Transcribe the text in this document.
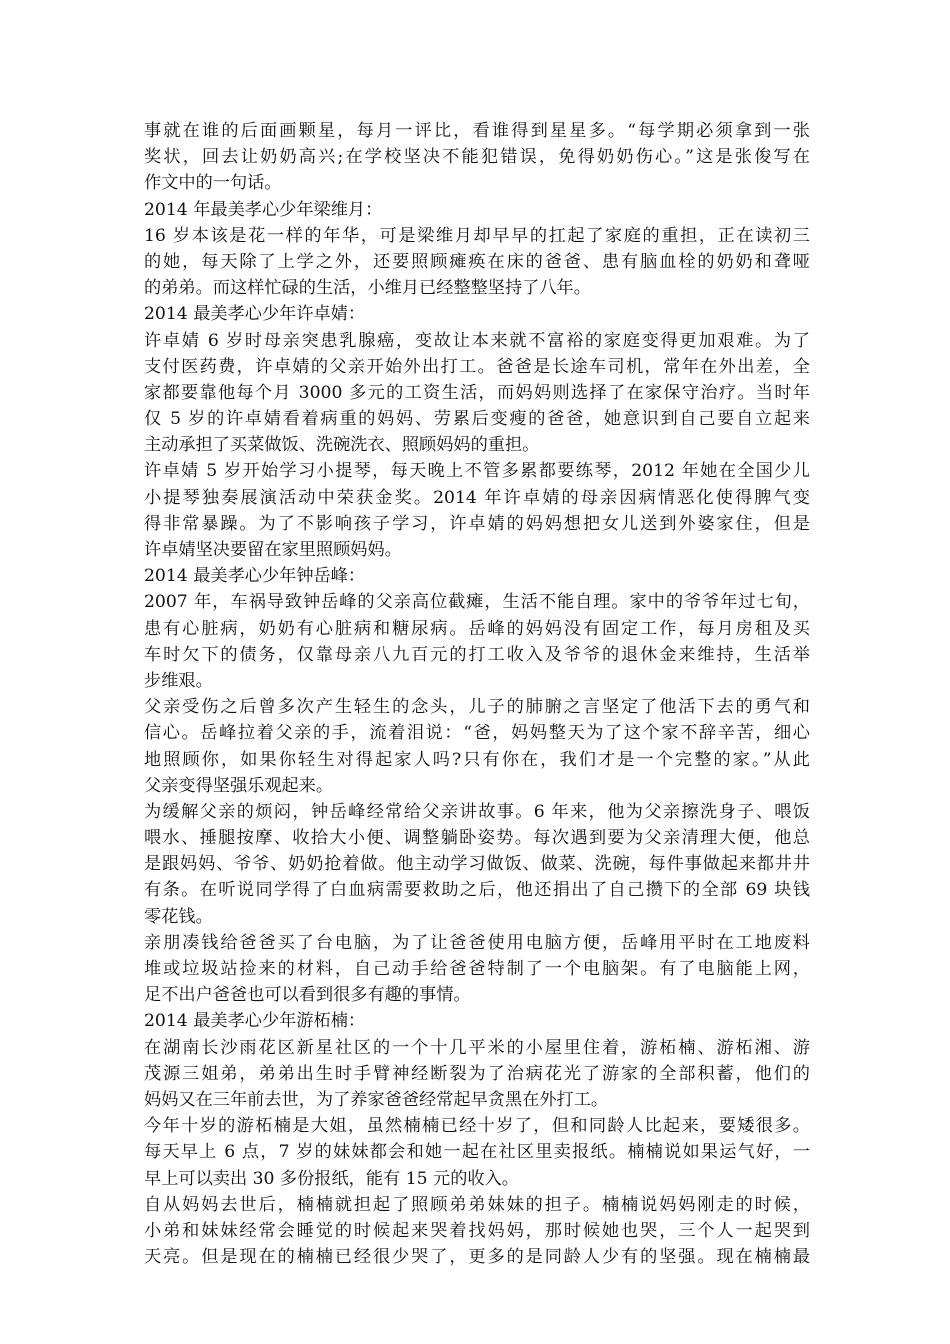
事就在谁的后面画颗星，每月一评比，看谁得到星星多。“每学期必须拿到一张
奖状，回去让奶奶高兴;在学校坚决不能犯错误，免得奶奶伤心。”这是张俊写在
作文中的一句话。
2014 年最美孝心少年梁维月：
16 岁本该是花一样的年华，可是梁维月却早早的扛起了家庭的重担，正在读初三
的她，每天除了上学之外，还要照顾瘫痪在床的爸爸、患有脑血栓的奶奶和聋哑
的弟弟。而这样忙碌的生活，小维月已经整整坚持了八年。
2014 最美孝心少年许卓婧：
许卓婧 6 岁时母亲突患乳腺癌，变故让本来就不富裕的家庭变得更加艰难。为了
支付医药费，许卓婧的父亲开始外出打工。爸爸是长途车司机，常年在外出差，全
家都要靠他每个月 3000 多元的工资生活，而妈妈则选择了在家保守治疗。当时年
仅 5 岁的许卓婧看着病重的妈妈、劳累后变瘦的爸爸，她意识到自己要自立起来
主动承担了买菜做饭、洗碗洗衣、照顾妈妈的重担。
许卓婧 5 岁开始学习小提琴，每天晚上不管多累都要练琴，2012 年她在全国少儿
小提琴独奏展演活动中荣获金奖。2014 年许卓婧的母亲因病情恶化使得脾气变
得非常暴躁。为了不影响孩子学习，许卓婧的妈妈想把女儿送到外婆家住，但是
许卓婧坚决要留在家里照顾妈妈。
2014 最美孝心少年钟岳峰：
2007 年，车祸导致钟岳峰的父亲高位截瘫，生活不能自理。家中的爷爷年过七旬，
患有心脏病，奶奶有心脏病和糖尿病。岳峰的妈妈没有固定工作，每月房租及买
车时欠下的债务，仅靠母亲八九百元的打工收入及爷爷的退休金来维持，生活举
步维艰。
父亲受伤之后曾多次产生轻生的念头，儿子的肺腑之言坚定了他活下去的勇气和
信心。岳峰拉着父亲的手，流着泪说：“爸，妈妈整天为了这个家不辞辛苦，细心
地照顾你，如果你轻生对得起家人吗?只有你在，我们才是一个完整的家。”从此
父亲变得坚强乐观起来。
为缓解父亲的烦闷，钟岳峰经常给父亲讲故事。6 年来，他为父亲擦洗身子、喂饭
喂水、捶腿按摩、收拾大小便、调整躺卧姿势。每次遇到要为父亲清理大便，他总
是跟妈妈、爷爷、奶奶抢着做。他主动学习做饭、做菜、洗碗，每件事做起来都井井
有条。在听说同学得了白血病需要救助之后，他还捐出了自己攒下的全部 69 块钱
零花钱。
亲朋凑钱给爸爸买了台电脑，为了让爸爸使用电脑方便，岳峰用平时在工地废料
堆或垃圾站捡来的材料，自己动手给爸爸特制了一个电脑架。有了电脑能上网，
足不出户爸爸也可以看到很多有趣的事情。
2014 最美孝心少年游柘楠：
在湖南长沙雨花区新星社区的一个十几平米的小屋里住着，游柘楠、游柘湘、游
茂源三姐弟，弟弟出生时手臂神经断裂为了治病花光了游家的全部积蓄，他们的
妈妈又在三年前去世，为了养家爸爸经常起早贪黑在外打工。
今年十岁的游柘楠是大姐，虽然楠楠已经十岁了，但和同龄人比起来，要矮很多。
每天早上 6 点，7 岁的妹妹都会和她一起在社区里卖报纸。楠楠说如果运气好，一
早上可以卖出 30 多份报纸，能有 15 元的收入。
自从妈妈去世后，楠楠就担起了照顾弟弟妹妹的担子。楠楠说妈妈刚走的时候，
小弟和妹妹经常会睡觉的时候起来哭着找妈妈，那时候她也哭，三个人一起哭到
天亮。但是现在的楠楠已经很少哭了，更多的是同龄人少有的坚强。现在楠楠最
